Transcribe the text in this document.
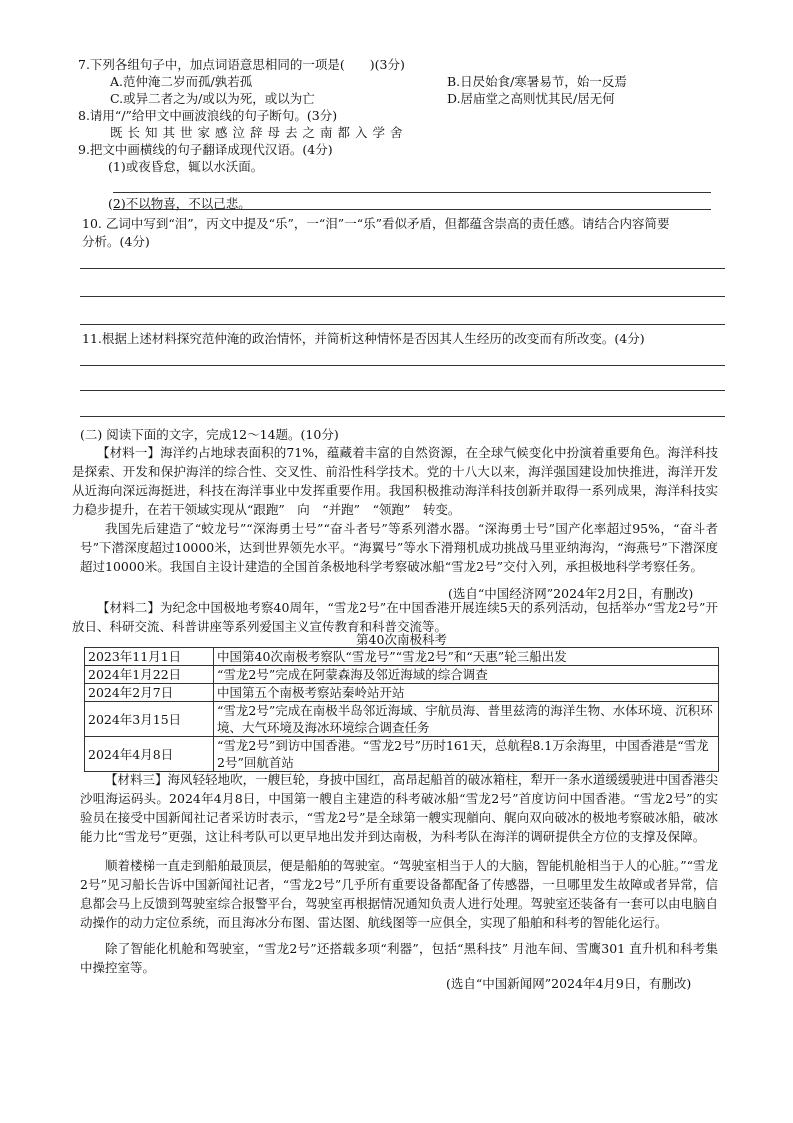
7.下列各组句子中，加点词语意思相同的一项是(　　)(3分)
A.范仲淹二岁而孤/孰若孤	B.日昃始食/寒暑易节，始一反焉
C.或异二者之为/或以为死，或以为亡	D.居庙堂之高则忧其民/居无何
8.请用“/”给甲文中画波浪线的句子断句。(3分)
既长知其世家感泣辞母去之南都入学舍
9.把文中画横线的句子翻译成现代汉语。(4分)
(1)或夜昏怠，辄以水沃面。
(2)不以物喜，不以己悲。
10. 乙词中写到“泪”，丙文中提及“乐”，一“泪”一“乐”看似矛盾，但都蕴含崇高的责任感。请结合内容简要
分析。(4分)
11.根据上述材料探究范仲淹的政治情怀，并简析这种情怀是否因其人生经历的改变而有所改变。(4分)
(二) 阅读下面的文字，完成12～14题。(10分)
【材料一】海洋约占地球表面积的71%，蕴藏着丰富的自然资源，在全球气候变化中扮演着重要角色。海洋科技是探索、开发和保护海洋的综合性、交叉性、前沿性科学技术。党的十八大以来，海洋强国建设加快推进，海洋开发从近海向深远海挺进，科技在海洋事业中发挥重要作用。我国积极推动海洋科技创新并取得一系列成果，海洋科技实力稳步提升，在若干领域实现从“跟跑”　向　“并跑”　“领跑”　转变。
我国先后建造了“蛟龙号”“深海勇士号”“奋斗者号”等系列潜水器。“深海勇士号”国产化率超过95%，“奋斗者号”下潜深度超过10000米，达到世界领先水平。“海翼号”等水下滑翔机成功挑战马里亚纳海沟，“海燕号”下潜深度超过10000米。我国自主设计建造的全国首条极地科学考察破冰船“雪龙2号”交付入列，承担极地科学考察任务。
(选自“中国经济网”2024年2月2日，有删改)
【材料二】为纪念中国极地考察40周年，“雪龙2号”在中国香港开展连续5天的系列活动，包括举办“雪龙2号”开放日、科研交流、科普讲座等系列爱国主义宣传教育和科普交流等。
第40次南极科考
2023年11月1日	中国第40次南极考察队“雪龙号”“雪龙2号”和“天惠”轮三船出发
2024年1月22日	“雪龙2号”完成在阿蒙森海及邻近海域的综合调查
2024年2月7日	中国第五个南极考察站秦岭站开站
2024年3月15日	“雪龙2号”完成在南极半岛邻近海域、宇航员海、普里兹湾的海洋生物、水体环境、沉积环境、大气环境及海冰环境综合调查任务
2024年4月8日	“雪龙2号”到访中国香港。“雪龙2号”历时161天，总航程8.1万余海里，中国香港是“雪龙2号”回航首站
【材料三】海风轻轻地吹，一艘巨轮，身披中国红，高昂起船首的破冰箱柱，犁开一条水道缓缓驶进中国香港尖沙咀海运码头。2024年4月8日，中国第一艘自主建造的科考破冰船“雪龙2号”首度访问中国香港。“雪龙2号”的实验员在接受中国新闻社记者采访时表示，“雪龙2号”是全球第一艘实现艏向、艉向双向破冰的极地考察破冰船，破冰能力比“雪龙号”更强，这让科考队可以更早地出发并到达南极，为科考队在海洋的调研提供全方位的支撑及保障。
顺着楼梯一直走到船舶最顶层，便是船舶的驾驶室。“驾驶室相当于人的大脑，智能机舱相当于人的心脏。”“雪龙2号”见习船长告诉中国新闻社记者，“雪龙2号”几乎所有重要设备都配备了传感器，一旦哪里发生故障或者异常，信息都会马上反馈到驾驶室综合报警平台，驾驶室再根据情况通知负责人进行处理。驾驶室还装备有一套可以由电脑自动操作的动力定位系统，而且海冰分布图、雷达图、航线图等一应俱全，实现了船舶和科考的智能化运行。
除了智能化机舱和驾驶室，“雪龙2号”还搭载多项“利器”，包括“黑科技” 月池车间、雪鹰301 直升机和科考集中操控室等。
(选自“中国新闻网”2024年4月9日，有删改)
